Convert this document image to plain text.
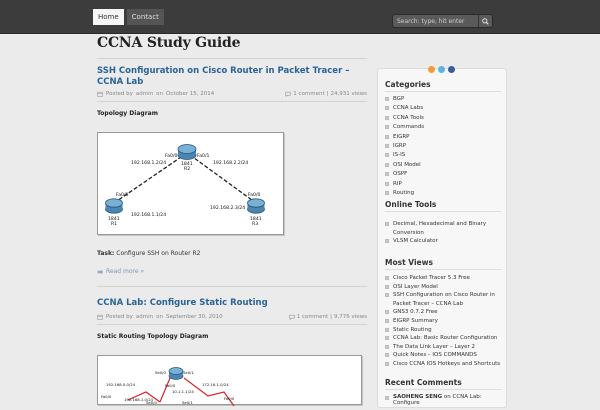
Home	Contact
Search: type, hit enter
CCNA Study Guide
SSH Configuration on Cisco Router in Packet Tracer – CCNA Lab
Posted by admin on October 15, 2014	1 comment | 24,931 views
Topology Diagram
Fa0/0	Fa0/1
1841
R2
192.168.1.2/24	192.168.2.2/24
Fa0/0
192.168.1.1/24
1841
R1
Fa0/0
192.168.2.3/24
1841
R3
Task: Configure SSH on Router R2
Read more »
CCNA Lab: Configure Static Routing
Posted by admin on September 30, 2010	1 comment | 9,776 views
Static Routing Topology Diagram
Se0/0	Se0/1
Fa0/0
10.1.1.1/24
192.168.0.0/24
192.168.1.0/24
172.16.1.0/24
Fa0/0	Fa0/0
Se0/1
Se0/0
Categories
BGP
CCNA Labs
CCNA Tools
Commands
EIGRP
IGRP
IS-IS
OSI Model
OSPF
RIP
Routing
Online Tools
Decimal, Hexadecimal and Binary Conversion
VLSM Calculator
Most Views
Cisco Packet Tracer 5.3 Free
OSI Layer Model
SSH Configuration on Cisco Router in Packet Tracer – CCNA Lab
GNS3 0.7.2 Free
EIGRP Summary
Static Routing
CCNA Lab: Basic Router Configuration
The Data Link Layer – Layer 2
Quick Notes – IOS COMMANDS
Cisco CCNA IOS Hotkeys and Shortcuts
Recent Comments
SAOHENG SENG on CCNA Lab: Configure
